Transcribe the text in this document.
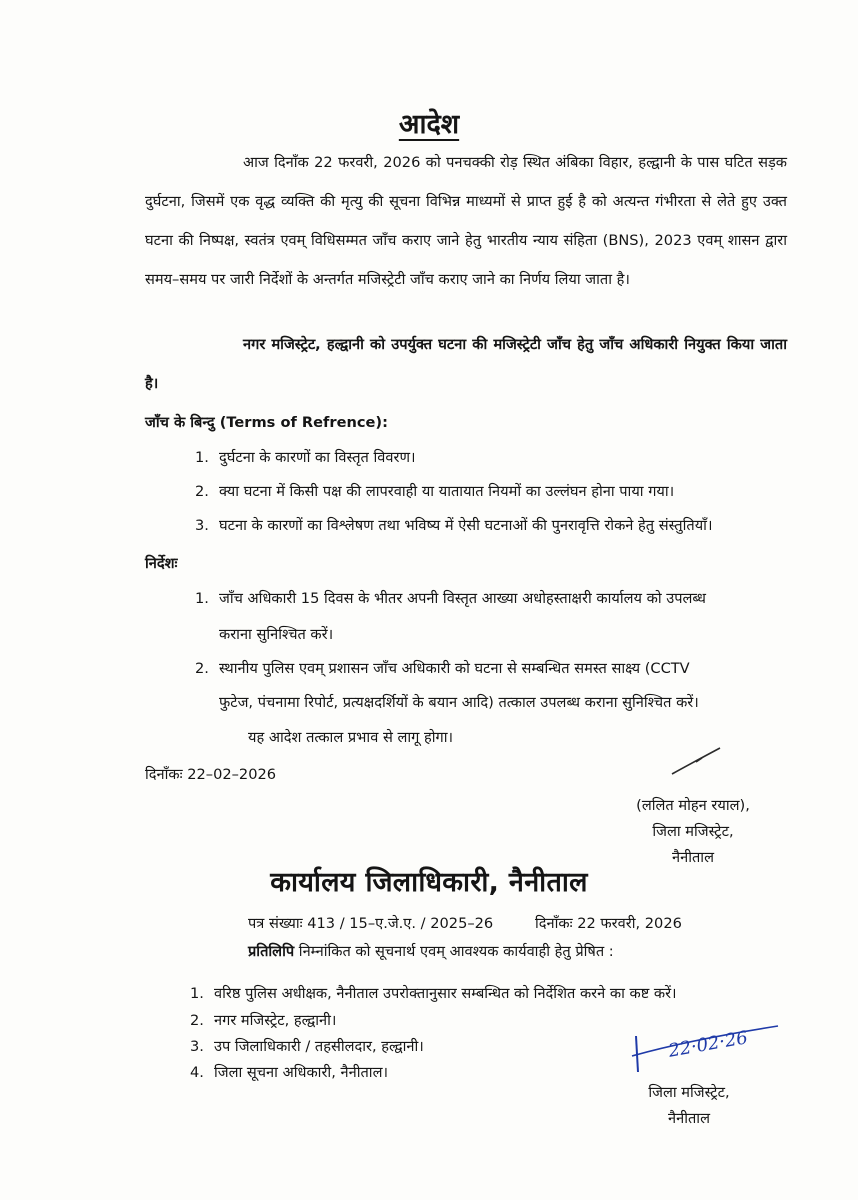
आदेश
आज दिनाँक 22 फरवरी, 2026 को पनचक्की रोड़ स्थित अंबिका विहार, हल्द्वानी के पास घटित सड़क दुर्घटना, जिसमें एक वृद्ध व्यक्ति की मृत्यु की सूचना विभिन्न माध्यमों से प्राप्त हुई है को अत्यन्त गंभीरता से लेते हुए उक्त घटना की निष्पक्ष, स्वतंत्र एवम् विधिसम्मत जाँच कराए जाने हेतु भारतीय न्याय संहिता (BNS), 2023 एवम् शासन द्वारा समय–समय पर जारी निर्देशों के अन्तर्गत मजिस्ट्रेटी जाँच कराए जाने का निर्णय लिया जाता है।
नगर मजिस्ट्रेट, हल्द्वानी को उपर्युक्त घटना की मजिस्ट्रेटी जाँच हेतु जाँच अधिकारी नियुक्त किया जाता है।
जाँच के बिन्दु (Terms of Refrence):
1. दुर्घटना के कारणों का विस्तृत विवरण।
2. क्या घटना में किसी पक्ष की लापरवाही या यातायात नियमों का उल्लंघन होना पाया गया।
3. घटना के कारणों का विश्लेषण तथा भविष्य में ऐसी घटनाओं की पुनरावृत्ति रोकने हेतु संस्तुतियाँ।
निर्देशः
1. जाँच अधिकारी 15 दिवस के भीतर अपनी विस्तृत आख्या अधोहस्ताक्षरी कार्यालय को उपलब्ध
कराना सुनिश्चित करें।
2. स्थानीय पुलिस एवम् प्रशासन जाँच अधिकारी को घटना से सम्बन्धित समस्त साक्ष्य (CCTV
फुटेज, पंचनामा रिपोर्ट, प्रत्यक्षदर्शियों के बयान आदि) तत्काल उपलब्ध कराना सुनिश्चित करें।
यह आदेश तत्काल प्रभाव से लागू होगा।
दिनाँकः 22–02–2026
(ललित मोहन रयाल),
जिला मजिस्ट्रेट,
नैनीताल
कार्यालय जिलाधिकारी, नैनीताल
पत्र संख्याः 413 / 15–ए.जे.ए. / 2025–26	दिनाँकः 22 फरवरी, 2026
प्रतिलिपि निम्नांकित को सूचनार्थ एवम् आवश्यक कार्यवाही हेतु प्रेषित :
1. वरिष्ठ पुलिस अधीक्षक, नैनीताल उपरोक्तानुसार सम्बन्धित को निर्देशित करने का कष्ट करें।
2. नगर मजिस्ट्रेट, हल्द्वानी।
3. उप जिलाधिकारी / तहसीलदार, हल्द्वानी।
4. जिला सूचना अधिकारी, नैनीताल।
22·02·26
जिला मजिस्ट्रेट,
नैनीताल
